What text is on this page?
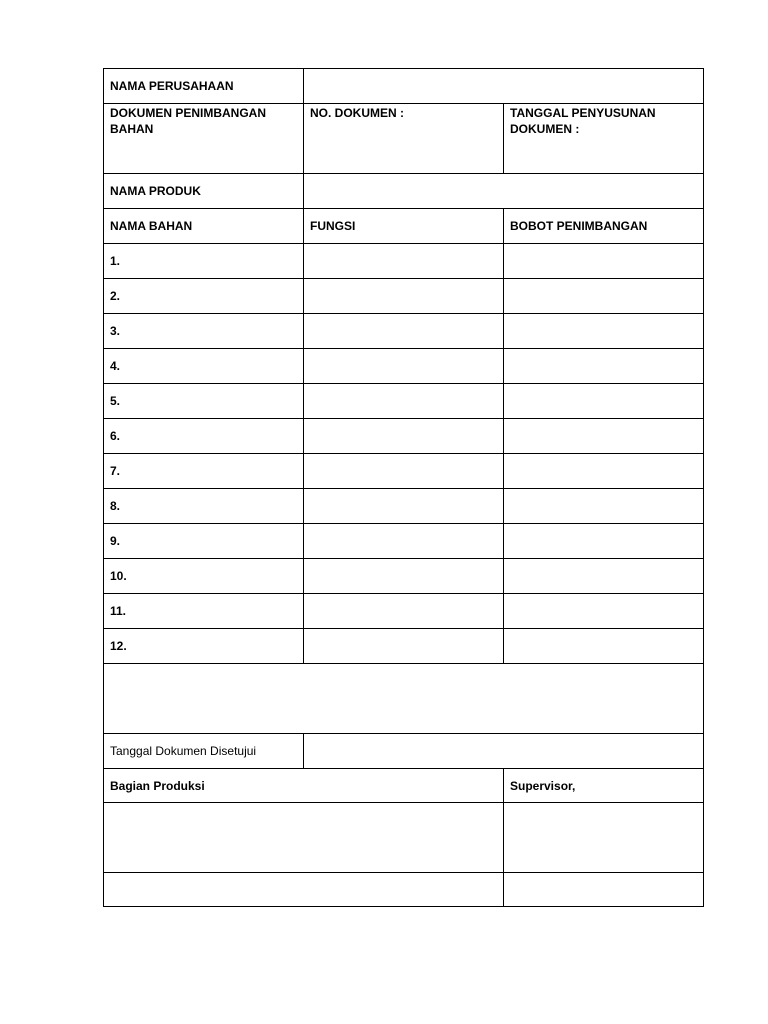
NAMA PERUSAHAAN		
DOKUMEN PENIMBANGAN BAHAN	NO. DOKUMEN :	TANGGAL PENYUSUNAN DOKUMEN :
NAMA PRODUK		
NAMA BAHAN	FUNGSI	BOBOT PENIMBANGAN
1.		
2.		
3.		
4.		
5.		
6.		
7.		
8.		
9.		
10.		
11.		
12.		

Tanggal Dokumen Disetujui		
Bagian Produksi		Supervisor,
